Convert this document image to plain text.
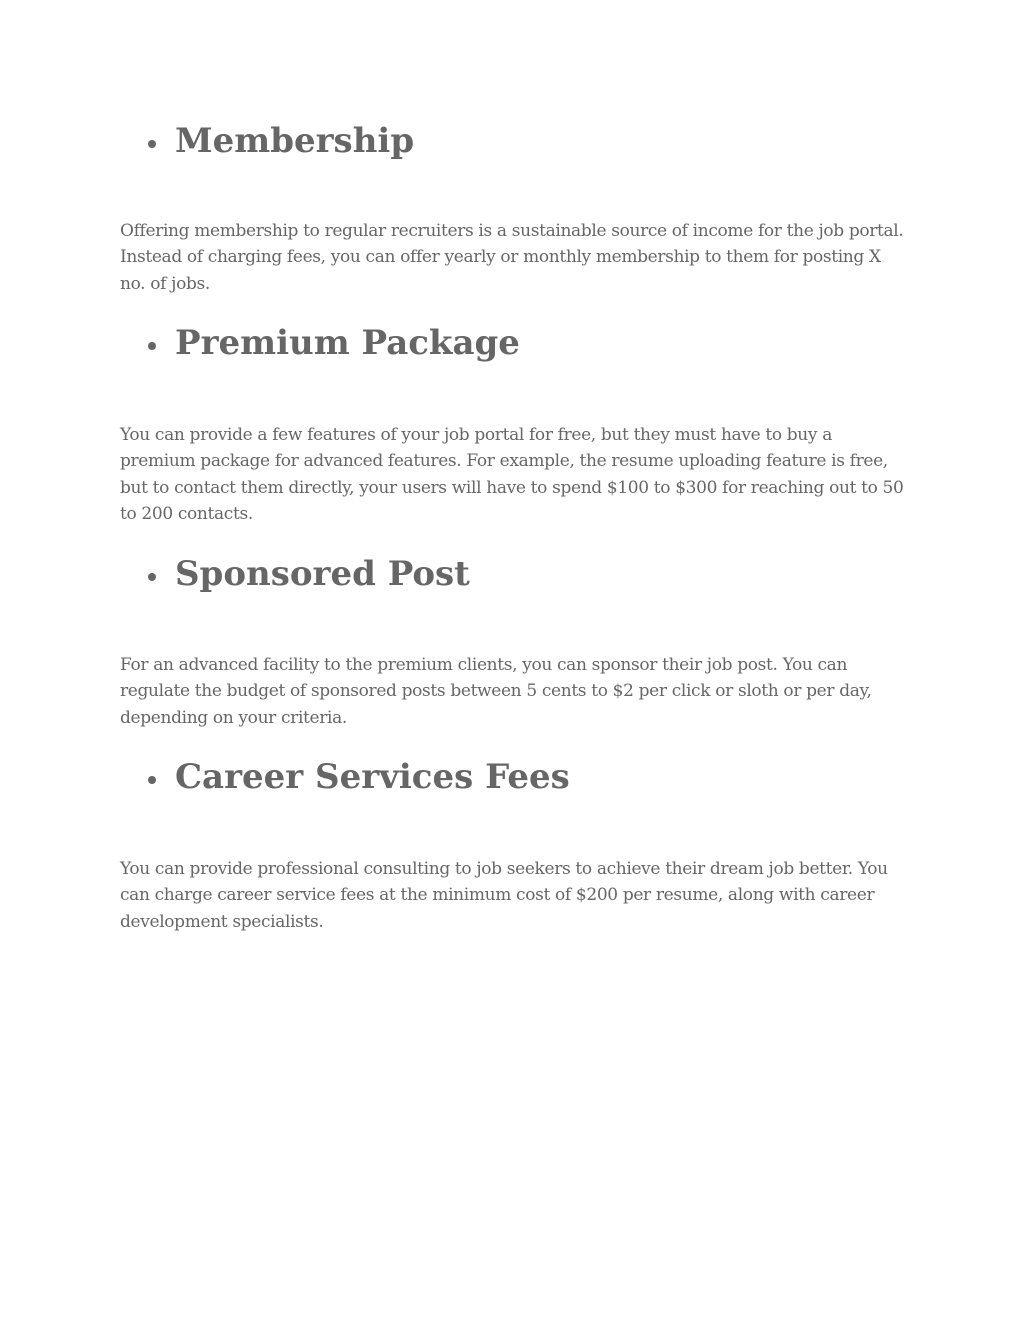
Membership

Offering membership to regular recruiters is a sustainable source of income for the job portal. Instead of charging fees, you can offer yearly or monthly membership to them for posting X no. of jobs.

Premium Package

You can provide a few features of your job portal for free, but they must have to buy a premium package for advanced features. For example, the resume uploading feature is free, but to contact them directly, your users will have to spend $100 to $300 for reaching out to 50 to 200 contacts.

Sponsored Post

For an advanced facility to the premium clients, you can sponsor their job post. You can regulate the budget of sponsored posts between 5 cents to $2 per click or sloth or per day, depending on your criteria.

Career Services Fees

You can provide professional consulting to job seekers to achieve their dream job better. You can charge career service fees at the minimum cost of $200 per resume, along with career development specialists.
